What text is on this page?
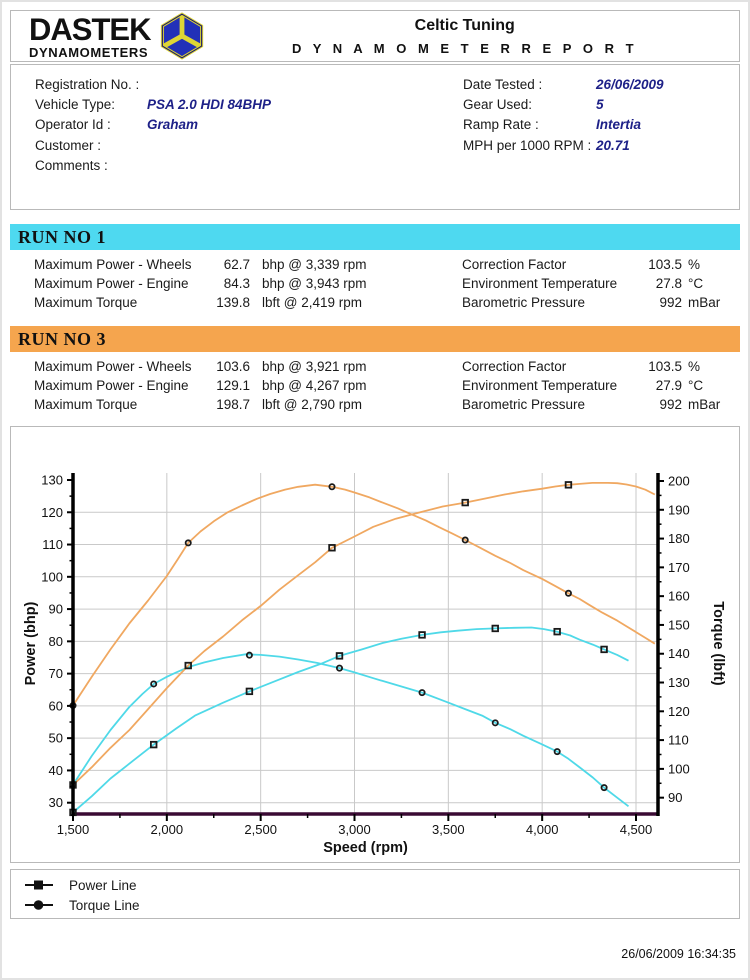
DASTEK
DYNAMOMETERS
Celtic Tuning
D Y N A M O M E T E R R E P O R T
Registration No. :
Vehicle Type: PSA 2.0 HDI 84BHP
Operator Id :	Graham
Customer :
Comments :
Date Tested :	26/06/2009
Gear Used:	5
Ramp Rate :	Intertia
MPH per 1000 RPM : 20.71
RUN NO 1
Maximum Power - Wheels	62.7 bhp @ 3,339 rpm
Maximum Power - Engine	84.3 bhp @ 3,943 rpm
Maximum Torque	139.8 lbft @ 2,419 rpm
Correction Factor	103.5 %
Environment Temperature	27.8 °C
Barometric Pressure	992 mBar
RUN NO 3
Maximum Power - Wheels	103.6 bhp @ 3,921 rpm
Maximum Power - Engine	129.1 bhp @ 4,267 rpm
Maximum Torque	198.7 lbft @ 2,790 rpm
Correction Factor	103.5 %
Environment Temperature	27.9 °C
Barometric Pressure	992 mBar
30
40
50
60
70
80
90
100
110
120
130
90
100
110
120
130
140
150
160
170
180
190
200
1,500	2,000	2,500	3,000	3,500	4,000	4,500
Speed (rpm)
Power (bhp)	Torque (lbft)
Power Line
Torque Line
26/06/2009 16:34:35
